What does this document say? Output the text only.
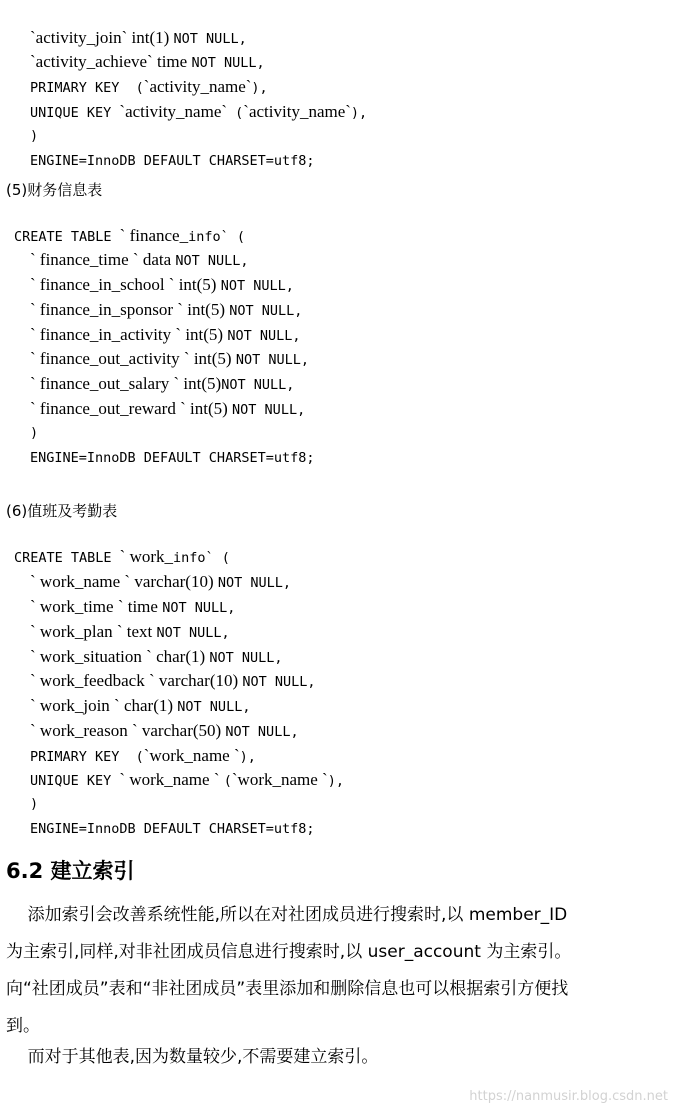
`activity_join` int(1) NOT NULL,

`activity_achieve` time NOT NULL,

PRIMARY KEY  (`activity_name`),

UNIQUE KEY `activity_name` (`activity_name`),

)

ENGINE=InnoDB DEFAULT CHARSET=utf8;

(5)财务信息表

CREATE TABLE ` finance_info` (

` finance_time ` data NOT NULL,

` finance_in_school ` int(5) NOT NULL,

` finance_in_sponsor ` int(5) NOT NULL,

` finance_in_activity ` int(5) NOT NULL,

` finance_out_activity ` int(5) NOT NULL,

` finance_out_salary ` int(5)NOT NULL,

` finance_out_reward ` int(5) NOT NULL,

)

ENGINE=InnoDB DEFAULT CHARSET=utf8;

(6)值班及考勤表

CREATE TABLE ` work_info` (

` work_name ` varchar(10) NOT NULL,

` work_time ` time NOT NULL,

` work_plan ` text NOT NULL,

` work_situation ` char(1) NOT NULL,

` work_feedback ` varchar(10) NOT NULL,

` work_join ` char(1) NOT NULL,

` work_reason ` varchar(50) NOT NULL,

PRIMARY KEY  (`work_name `),

UNIQUE KEY ` work_name ` (`work_name `),

)

ENGINE=InnoDB DEFAULT CHARSET=utf8;

6.2 建立索引
添加索引会改善系统性能,所以在对社团成员进行搜索时,以 member_ID
为主索引,同样,对非社团成员信息进行搜索时,以 user_account 为主索引。
向“社团成员”表和“非社团成员”表里添加和删除信息也可以根据索引方便找
到。
而对于其他表,因为数量较少,不需要建立索引。
https://nanmusir.blog.csdn.net
